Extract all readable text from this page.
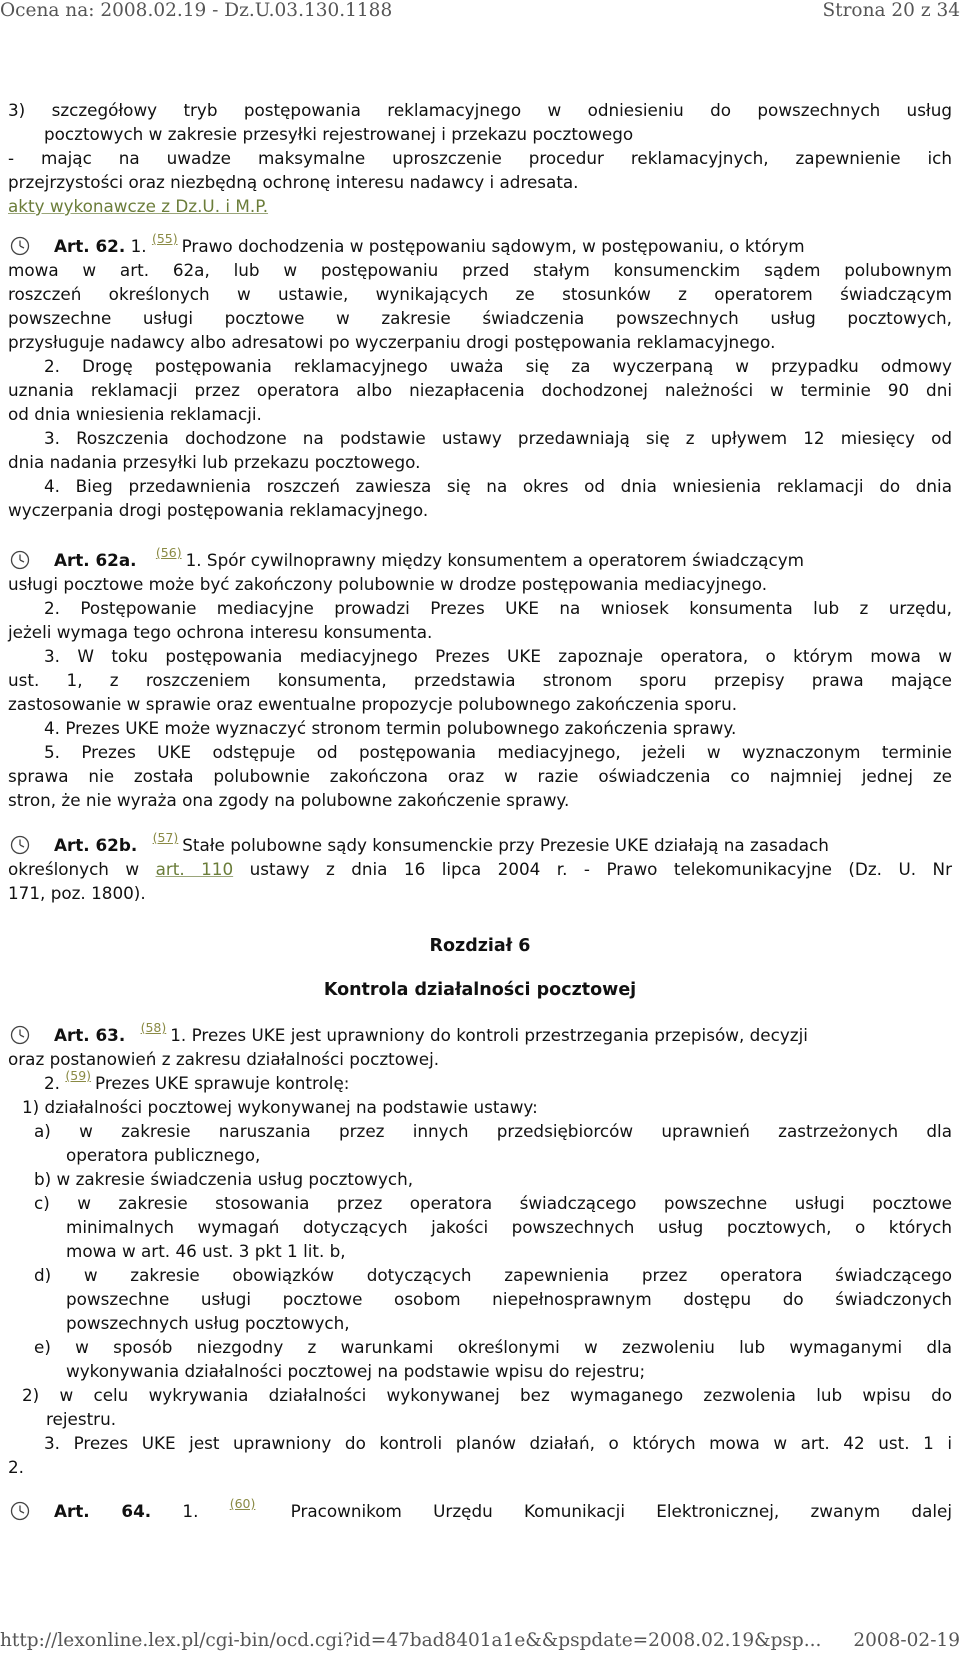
Ocena na: 2008.02.19 - Dz.U.03.130.1188	Strona 20 z 34
3) szczegółowy tryb postępowania reklamacyjnego w odniesieniu do powszechnych usług
pocztowych w zakresie przesyłki rejestrowanej i przekazu pocztowego
- mając na uwadze maksymalne uproszczenie procedur reklamacyjnych, zapewnienie ich
przejrzystości oraz niezbędną ochronę interesu nadawcy i adresata.
akty wykonawcze z Dz.U. i M.P.
Art. 62. 1. $^{(55)}$ Prawo dochodzenia w postępowaniu sądowym, w postępowaniu, o którym
mowa w art. 62a, lub w postępowaniu przed stałym konsumenckim sądem polubownym
roszczeń określonych w ustawie, wynikających ze stosunków z operatorem świadczącym
powszechne usługi pocztowe w zakresie świadczenia powszechnych usług pocztowych,
przysługuje nadawcy albo adresatowi po wyczerpaniu drogi postępowania reklamacyjnego.
2. Drogę postępowania reklamacyjnego uważa się za wyczerpaną w przypadku odmowy
uznania reklamacji przez operatora albo niezapłacenia dochodzonej należności w terminie 90 dni
od dnia wniesienia reklamacji.
3. Roszczenia dochodzone na podstawie ustawy przedawniają się z upływem 12 miesięcy od
dnia nadania przesyłki lub przekazu pocztowego.
4. Bieg przedawnienia roszczeń zawiesza się na okres od dnia wniesienia reklamacji do dnia
wyczerpania drogi postępowania reklamacyjnego.
Art. 62a. $^{(56)}$ 1. Spór cywilnoprawny między konsumentem a operatorem świadczącym
usługi pocztowe może być zakończony polubownie w drodze postępowania mediacyjnego.
2. Postępowanie mediacyjne prowadzi Prezes UKE na wniosek konsumenta lub z urzędu,
jeżeli wymaga tego ochrona interesu konsumenta.
3. W toku postępowania mediacyjnego Prezes UKE zapoznaje operatora, o którym mowa w
ust. 1, z roszczeniem konsumenta, przedstawia stronom sporu przepisy prawa mające
zastosowanie w sprawie oraz ewentualne propozycje polubownego zakończenia sporu.
4. Prezes UKE może wyznaczyć stronom termin polubownego zakończenia sprawy.
5. Prezes UKE odstępuje od postępowania mediacyjnego, jeżeli w wyznaczonym terminie
sprawa nie została polubownie zakończona oraz w razie oświadczenia co najmniej jednej ze
stron, że nie wyraża ona zgody na polubowne zakończenie sprawy.
Art. 62b. $^{(57)}$ Stałe polubowne sądy konsumenckie przy Prezesie UKE działają na zasadach
określonych w art. 110 ustawy z dnia 16 lipca 2004 r. - Prawo telekomunikacyjne (Dz. U. Nr
171, poz. 1800).
Rozdział 6
Kontrola działalności pocztowej
Art. 63. $^{(58)}$ 1. Prezes UKE jest uprawniony do kontroli przestrzegania przepisów, decyzji
oraz postanowień z zakresu działalności pocztowej.
2. $^{(59)}$ Prezes UKE sprawuje kontrolę:
1) działalności pocztowej wykonywanej na podstawie ustawy:
a) w zakresie naruszania przez innych przedsiębiorców uprawnień zastrzeżonych dla
operatora publicznego,
b) w zakresie świadczenia usług pocztowych,
c) w zakresie stosowania przez operatora świadczącego powszechne usługi pocztowe
minimalnych wymagań dotyczących jakości powszechnych usług pocztowych, o których
mowa w art. 46 ust. 3 pkt 1 lit. b,
d) w zakresie obowiązków dotyczących zapewnienia przez operatora świadczącego
powszechne usługi pocztowe osobom niepełnosprawnym dostępu do świadczonych
powszechnych usług pocztowych,
e) w sposób niezgodny z warunkami określonymi w zezwoleniu lub wymaganymi dla
wykonywania działalności pocztowej na podstawie wpisu do rejestru;
2) w celu wykrywania działalności wykonywanej bez wymaganego zezwolenia lub wpisu do
rejestru.
3. Prezes UKE jest uprawniony do kontroli planów działań, o których mowa w art. 42 ust. 1 i
2.
Art. 64. 1.	$^{(60)}$ Pracownikom Urzędu Komunikacji Elektronicznej, zwanym dalej
http://lexonline.lex.pl/cgi-bin/ocd.cgi?id=47bad8401a1e&&pspdate=2008.02.19&psp... 2008-02-19
